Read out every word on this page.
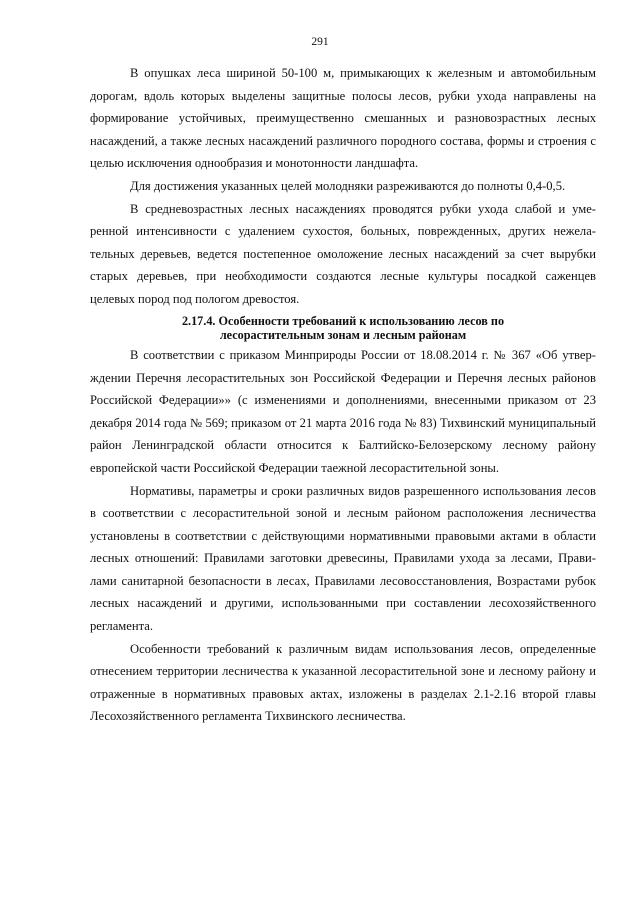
291

В опушках леса шириной 50-100 м, примыкающих к железным и автомобильным дорогам, вдоль которых выделены защитные полосы лесов, рубки ухода направлены на формирование устойчивых, преимущественно смешанных и разновозрастных лесных насаждений, а также лесных насаждений различного породного состава, формы и строения с целью исключения однообразия и монотонности ландшафта.

Для достижения указанных целей молодняки разреживаются до полноты 0,4-0,5.

В средневозрастных лесных насаждениях проводятся рубки ухода слабой и умеренной интенсивности с удалением сухостоя, больных, поврежденных, других нежелательных деревьев, ведется постепенное омоложение лесных насаждений за счет вырубки старых деревьев, при необходимости создаются лесные культуры посадкой саженцев целевых пород под пологом древостоя.

2.17.4. Особенности требований к использованию лесов по
лесорастительным зонам и лесным районам

В соответствии с приказом Минприроды России от 18.08.2014 г. № 367 «Об утверждении Перечня лесорастительных зон Российской Федерации и Перечня лесных районов Российской Федерации»» (с изменениями и дополнениями, внесенными приказом от 23 декабря 2014 года № 569; приказом от 21 марта 2016 года № 83) Тихвинский муниципальный район Ленинградской области относится к Балтийско-Белозерскому лесному району европейской части Российской Федерации таежной лесорастительной зоны.

Нормативы, параметры и сроки различных видов разрешенного использования лесов в соответствии с лесорастительной зоной и лесным районом расположения лесничества установлены в соответствии с действующими нормативными правовыми актами в области лесных отношений: Правилами заготовки древесины, Правилами ухода за лесами, Правилами санитарной безопасности в лесах, Правилами лесовосстановления, Возрастами рубок лесных насаждений и другими, использованными при составлении лесохозяйственного регламента.

Особенности требований к различным видам использования лесов, определенные отнесением территории лесничества к указанной лесорастительной зоне и лесному району и отраженные в нормативных правовых актах, изложены в разделах 2.1-2.16 второй главы Лесохозяйственного регламента Тихвинского лесничества.
